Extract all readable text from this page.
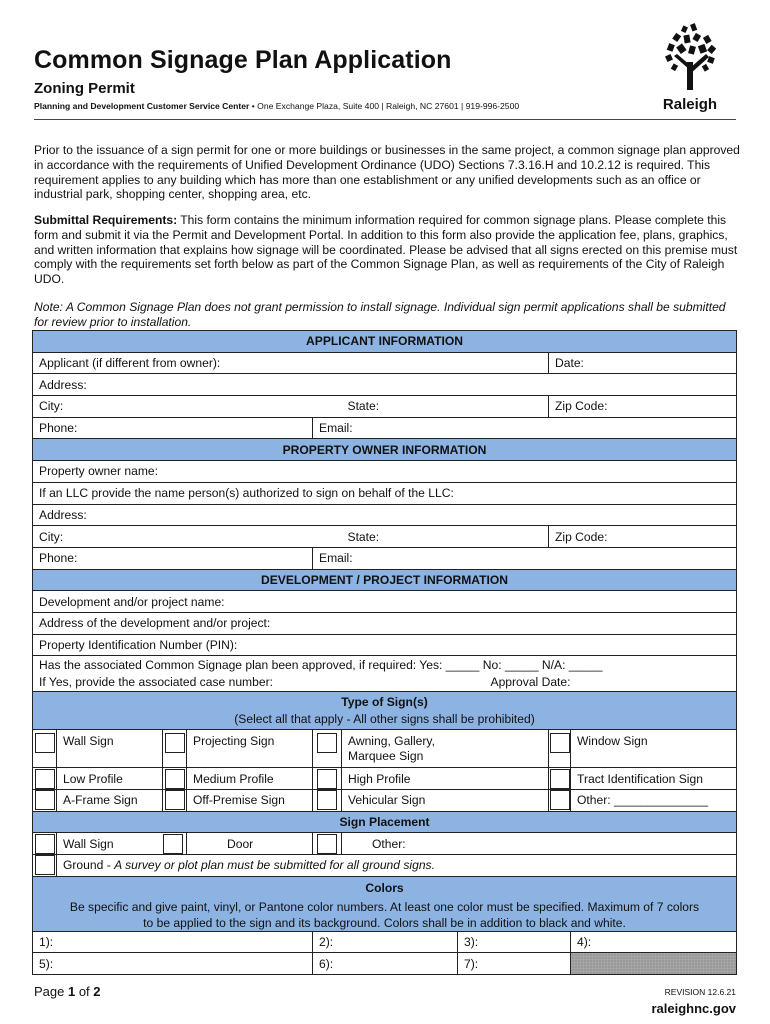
Common Signage Plan Application
Zoning Permit
Planning and Development Customer Service Center • One Exchange Plaza, Suite 400 | Raleigh, NC 27601 | 919-996-2500	Raleigh

Prior to the issuance of a sign permit for one or more buildings or businesses in the same project, a common signage plan approved in accordance with the requirements of Unified Development Ordinance (UDO) Sections 7.3.16.H and 10.2.12 is required. This requirement applies to any building which has more than one establishment or any unified developments such as an office or industrial park, shopping center, shopping area, etc.

Submittal Requirements: This form contains the minimum information required for common signage plans. Please complete this form and submit it via the Permit and Development Portal. In addition to this form also provide the application fee, plans, graphics, and written information that explains how signage will be coordinated. Please be advised that all signs erected on this premise must comply with the requirements set forth below as part of the Common Signage Plan, as well as requirements of the City of Raleigh UDO.

Note: A Common Signage Plan does not grant permission to install signage. Individual sign permit applications shall be submitted for review prior to installation.

APPLICANT INFORMATION								
Applicant (if different from owner):							Date:	
Address:								
City:					State:		Zip Code:	
Phone:				Email:				
PROPERTY OWNER INFORMATION								
Property owner name:								
If an LLC provide the name person(s) authorized to sign on behalf of the LLC:								
Address:								
City:					State:		Zip Code:	
Phone:				Email:				
DEVELOPMENT / PROJECT INFORMATION								
Development and/or project name:								
Address of the development and/or project:								
Property Identification Number (PIN):								

Has the associated Common Signage plan been approved, if required: Yes: _____ No: _____ N/A: _____
If Yes, provide the associated case number: Approval Date:								

Type of Sign(s)
(Select all that apply - All other signs shall be prohibited)								

	Wall Sign		Projecting Sign		Awning, Gallery,
Marquee Sign			Window Sign
	Low Profile		Medium Profile		High Profile			Tract Identification Sign
	A-Frame Sign		Off-Premise Sign		Vehicular Sign			Other: ______________
Sign Placement								
	Wall Sign		Door		Other:			
	Ground - A survey or plot plan must be submitted for all ground signs.							

Colors
Be specific and give paint, vinyl, or Pantone color numbers. At least one color must be specified. Maximum of 7 colors
to be applied to the sign and its background. Colors shall be in addition to black and white.								

1):				2):		3):		4):
5):				6):		7):		
Page 1 of 2	REVISION 12.6.21
raleighnc.gov
